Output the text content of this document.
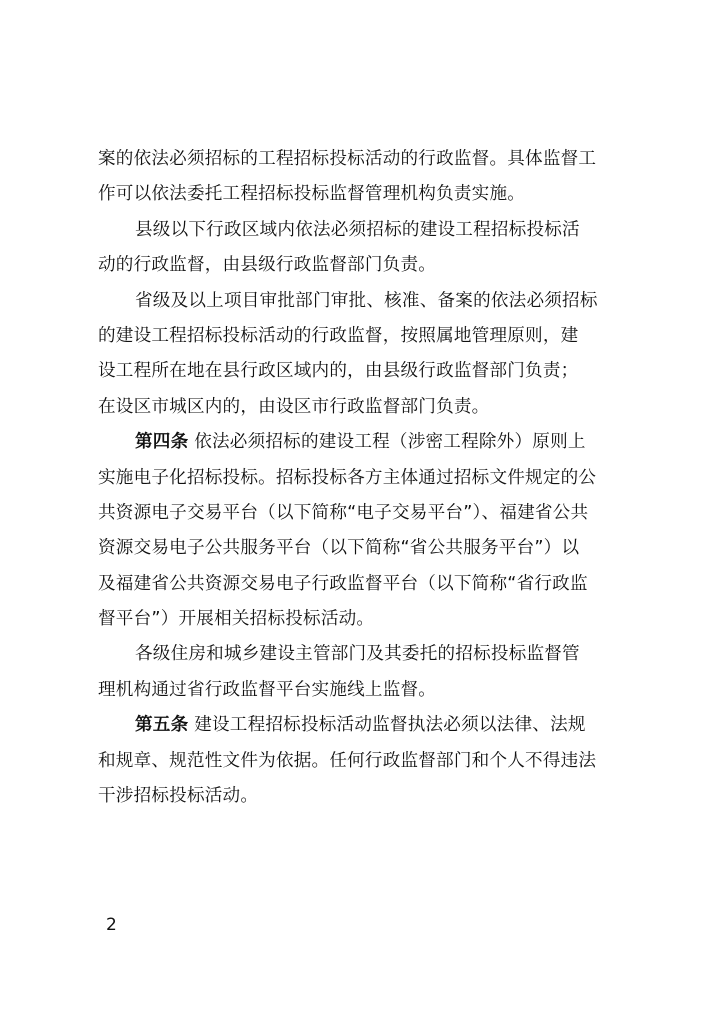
案的依法必须招标的工程招标投标活动的行政监督。具体监督工
作可以依法委托工程招标投标监督管理机构负责实施。
县级以下行政区域内依法必须招标的建设工程招标投标活
动的行政监督，由县级行政监督部门负责。
省级及以上项目审批部门审批、核准、备案的依法必须招标
的建设工程招标投标活动的行政监督，按照属地管理原则，建
设工程所在地在县行政区域内的，由县级行政监督部门负责；
在设区市城区内的，由设区市行政监督部门负责。
第四条 依法必须招标的建设工程（涉密工程除外）原则上
实施电子化招标投标。招标投标各方主体通过招标文件规定的公
共资源电子交易平台（以下简称“电子交易平台”）、福建省公共
资源交易电子公共服务平台（以下简称“省公共服务平台”）以
及福建省公共资源交易电子行政监督平台（以下简称“省行政监
督平台”）开展相关招标投标活动。
各级住房和城乡建设主管部门及其委托的招标投标监督管
理机构通过省行政监督平台实施线上监督。
第五条 建设工程招标投标活动监督执法必须以法律、法规
和规章、规范性文件为依据。任何行政监督部门和个人不得违法
干涉招标投标活动。
2
